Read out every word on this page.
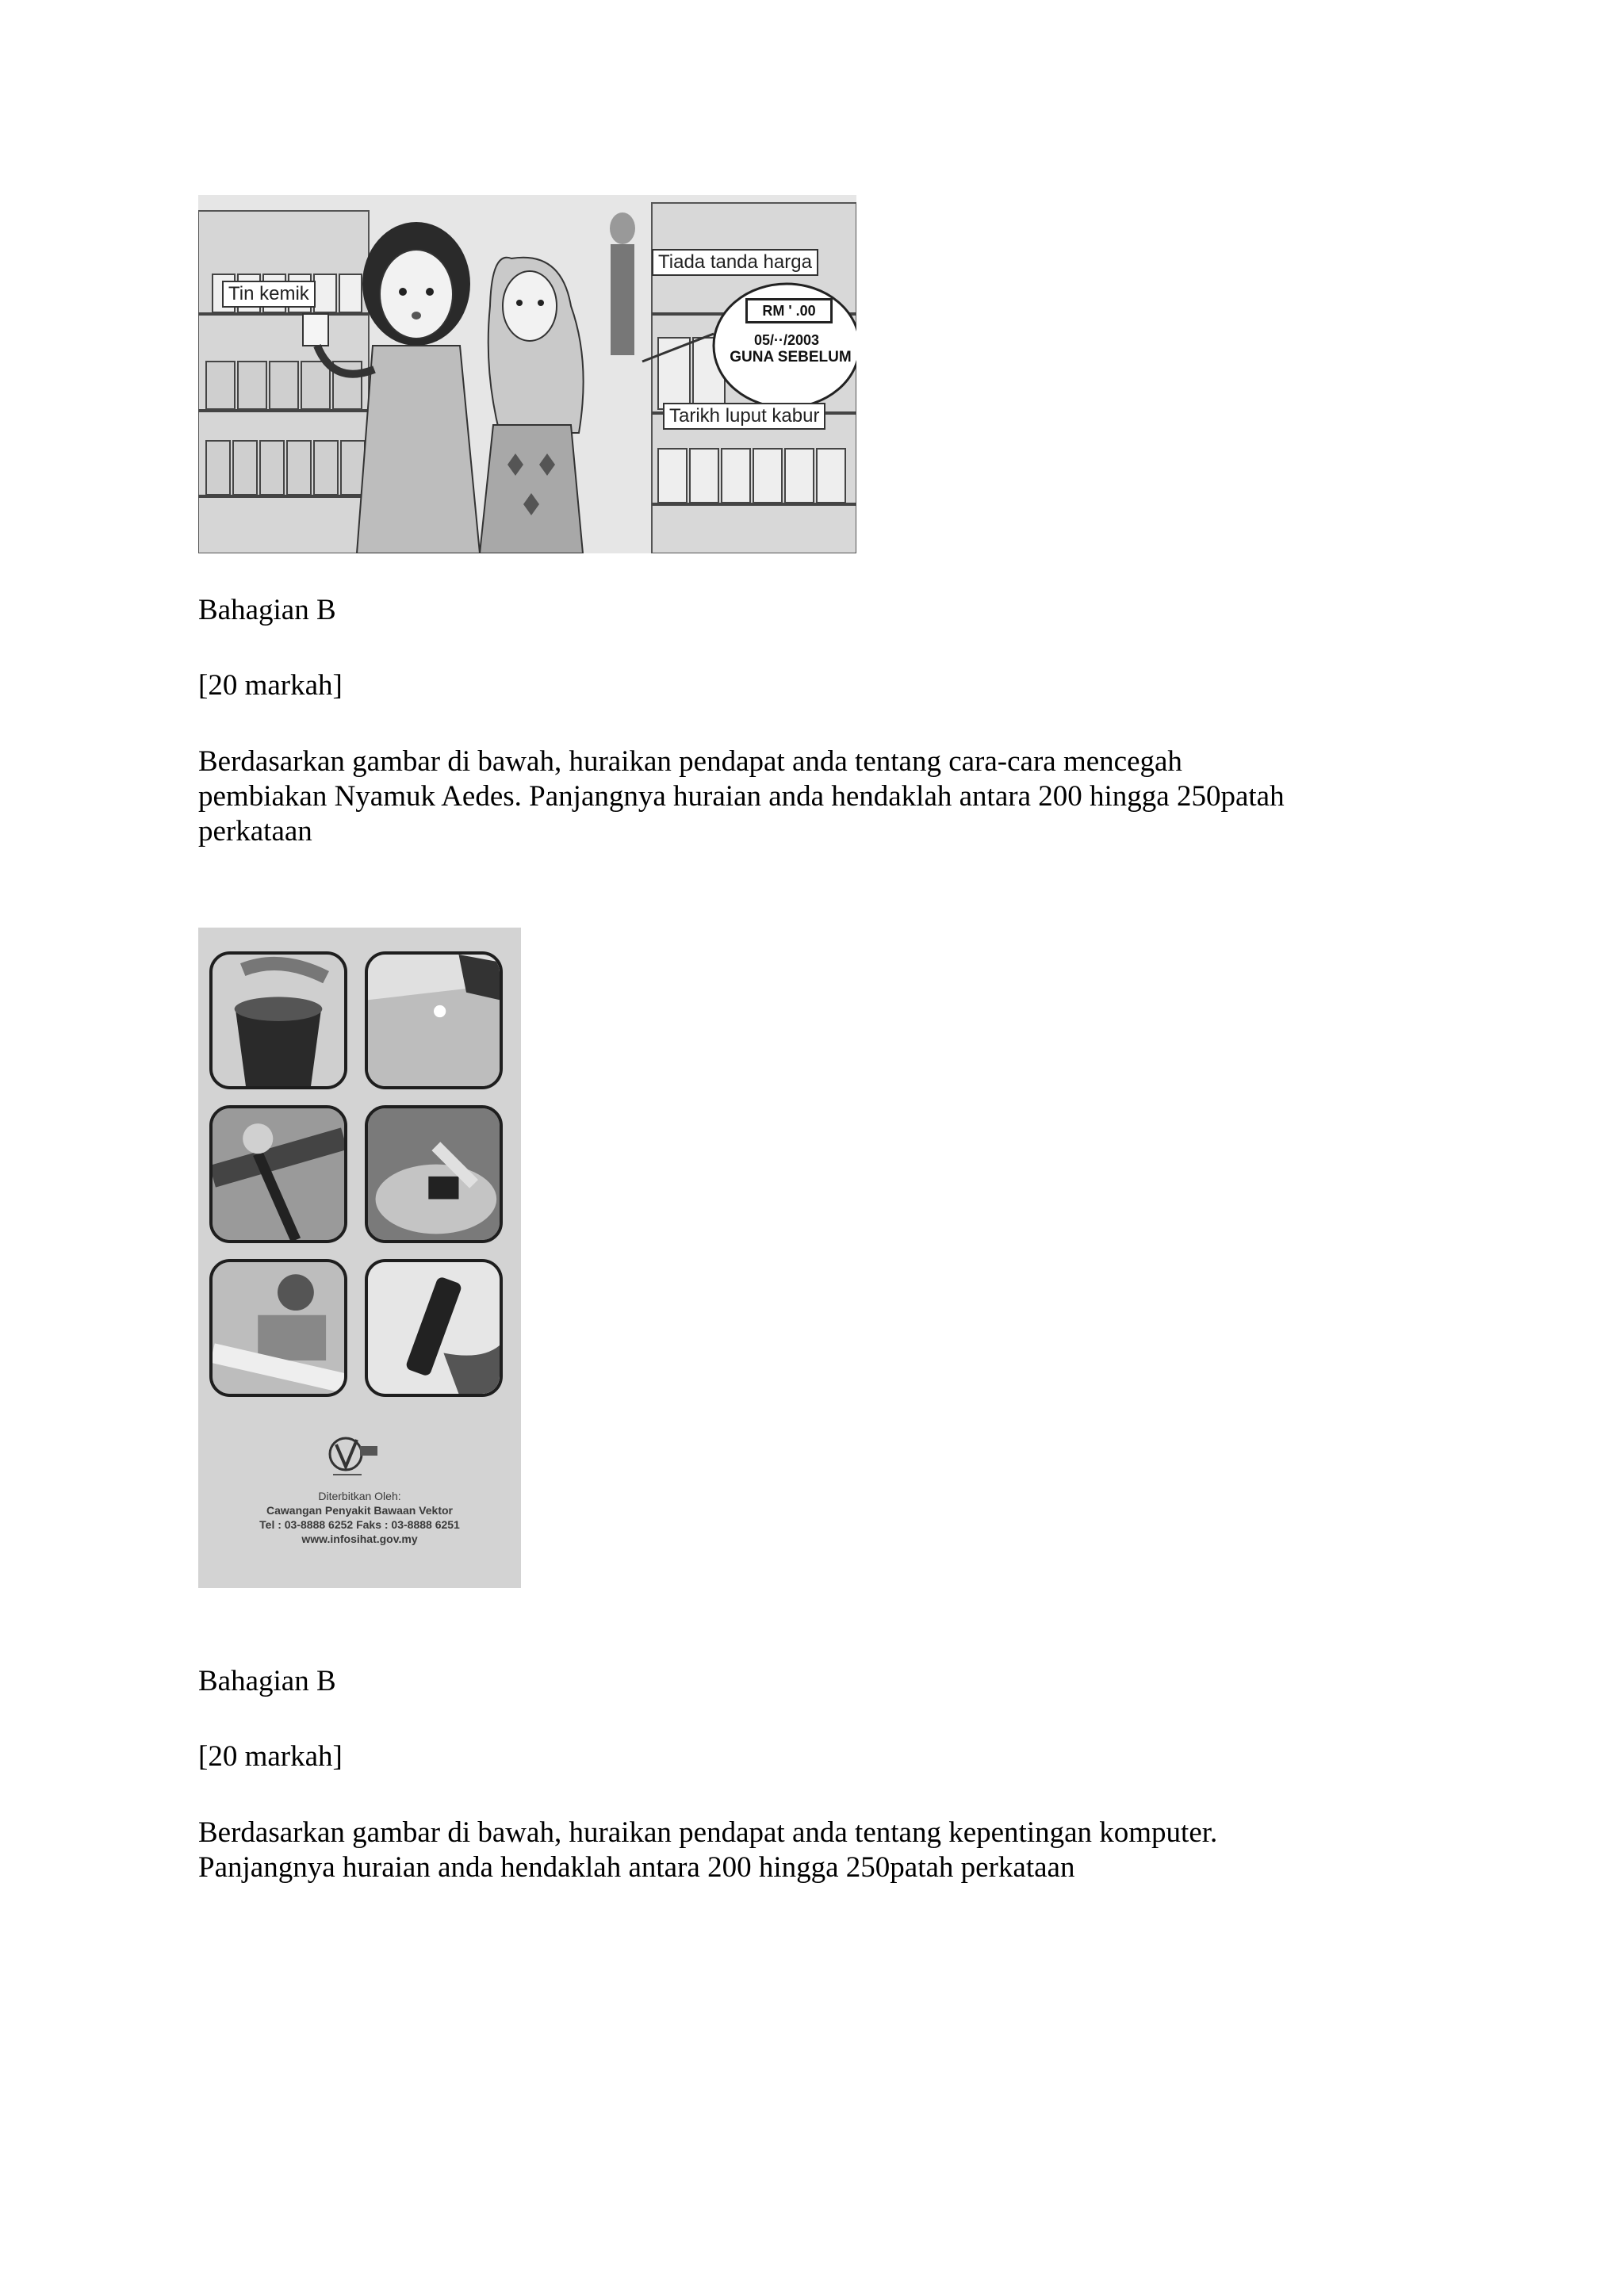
Tin kemik
Tiada tanda harga
RM ' .00
05/··/2003
GUNA SEBELUM
Tarikh luput kabur
Bahagian B
[20 markah]
Berdasarkan gambar di bawah, huraikan pendapat anda tentang cara-cara mencegah
pembiakan Nyamuk Aedes. Panjangnya huraian anda hendaklah antara 200 hingga 250patah
perkataan
Diterbitkan Oleh:
Cawangan Penyakit Bawaan Vektor
Tel : 03-8888 6252 Faks : 03-8888 6251
www.infosihat.gov.my
Bahagian B
[20 markah]
Berdasarkan gambar di bawah, huraikan pendapat anda tentang kepentingan komputer.
Panjangnya huraian anda hendaklah antara 200 hingga 250patah perkataan
